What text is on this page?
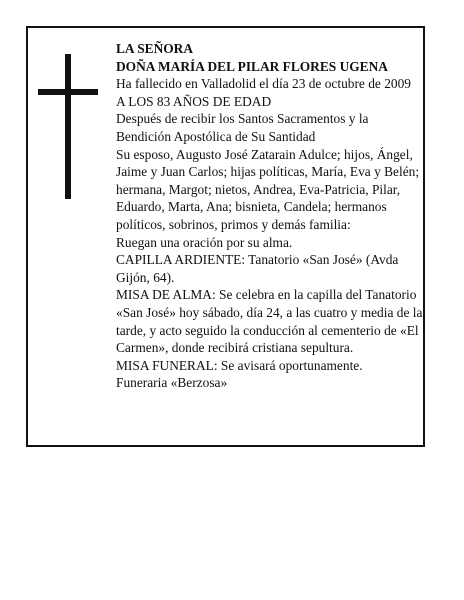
LA SEÑORA

DOÑA MARÍA DEL PILAR FLORES UGENA

Ha fallecido en Valladolid el día 23 de octubre de 2009

A LOS 83 AÑOS DE EDAD

Después de recibir los Santos Sacramentos y la Bendición Apostólica de Su Santidad

Su esposo, Augusto José Zatarain Adulce; hijos, Ángel, Jaime y Juan Carlos; hijas políticas, María, Eva y Belén; hermana, Margot; nietos, Andrea, Eva-Patricia, Pilar, Eduardo, Marta, Ana; bisnieta, Candela; hermanos políticos, sobrinos, primos y demás familia:

Ruegan una oración por su alma.

CAPILLA ARDIENTE: Tanatorio «San José» (Avda Gijón, 64).

MISA DE ALMA: Se celebra en la capilla del Tanatorio «San José» hoy sábado, día 24, a las cuatro y media de la tarde, y acto seguido la conducción al cementerio de «El Carmen», donde recibirá cristiana sepultura.

MISA FUNERAL: Se avisará oportunamente.

Funeraria «Berzosa»
